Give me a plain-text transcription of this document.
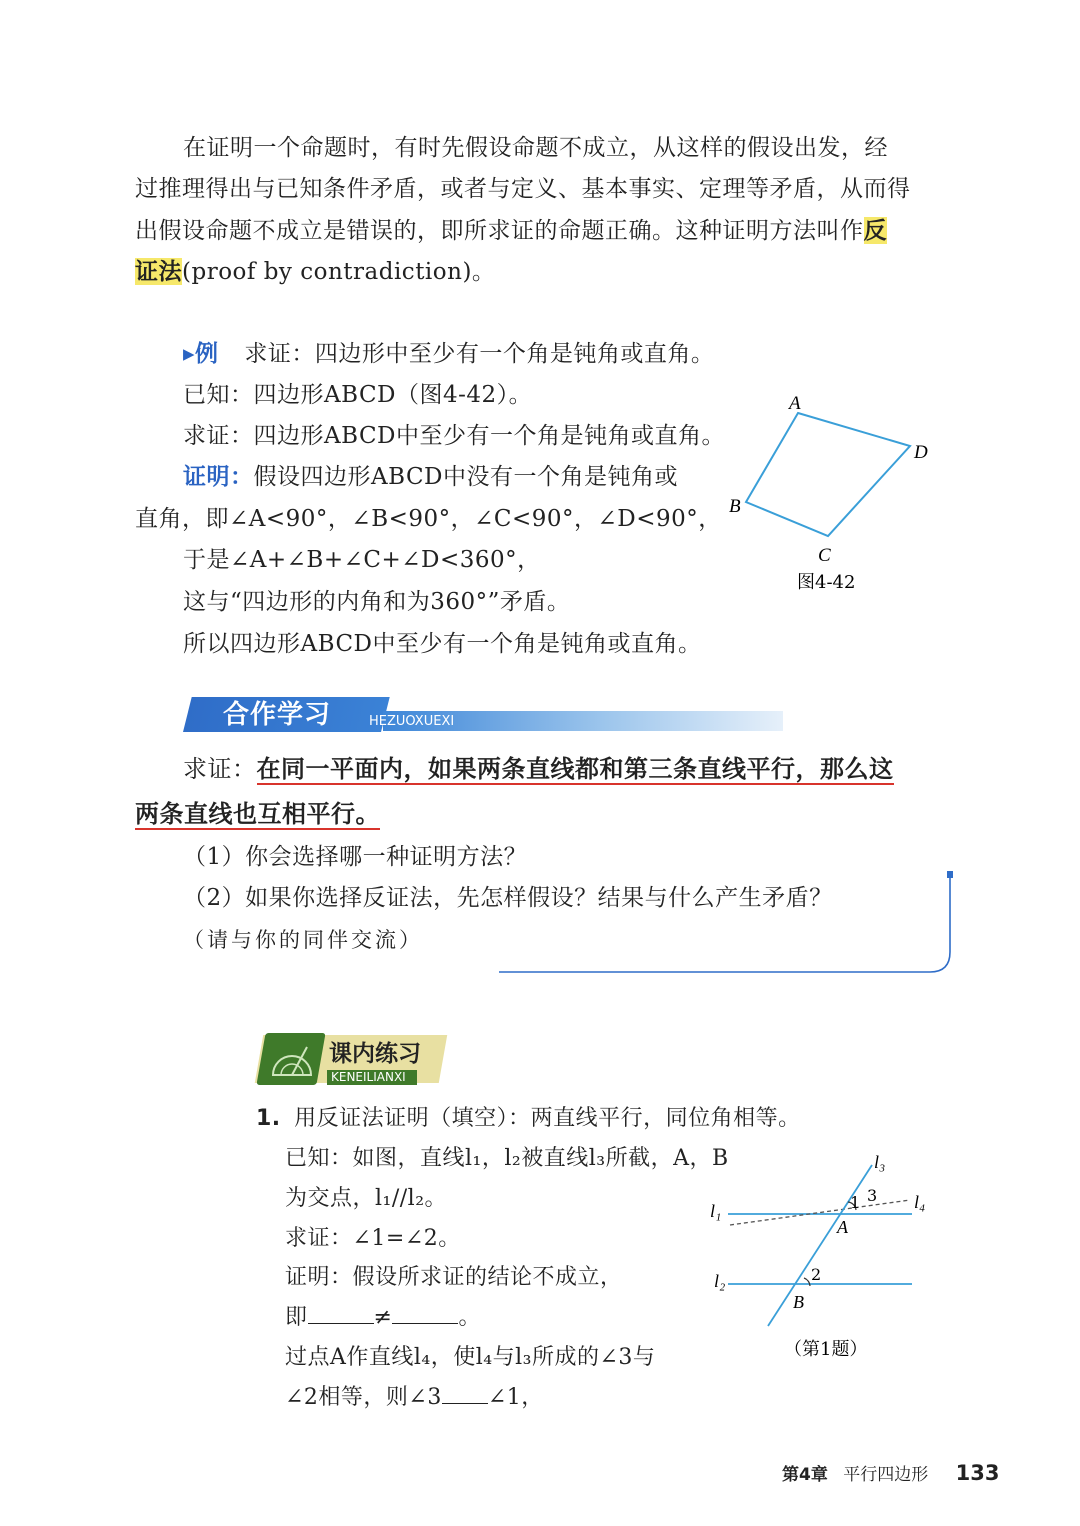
在证明一个命题时，有时先假设命题不成立，从这样的假设出发，经
过推理得出与已知条件矛盾，或者与定义、基本事实、定理等矛盾，从而得
出假设命题不成立是错误的，即所求证的命题正确。这种证明方法叫作反
证法(proof by contradiction)。
▸例 求证：四边形中至少有一个角是钝角或直角。
已知：四边形ABCD（图4-42）。
求证：四边形ABCD中至少有一个角是钝角或直角。
证明：假设四边形ABCD中没有一个角是钝角或
直角，即∠A<90°，∠B<90°，∠C<90°，∠D<90°，
于是∠A+∠B+∠C+∠D<360°，
这与“四边形的内角和为360°”矛盾。
所以四边形ABCD中至少有一个角是钝角或直角。
A
D
B
C
图4-42
合作学习	HEZUOXUEXI
求证：在同一平面内，如果两条直线都和第三条直线平行，那么这
两条直线也互相平行。
（1）你会选择哪一种证明方法？
（2）如果你选择反证法，先怎样假设？结果与什么产生矛盾？
（请与你的同伴交流）
课内练习
KENEILIANXI
1. 用反证法证明（填空）：两直线平行，同位角相等。
已知：如图，直线l₁，l₂被直线l₃所截，A，B
为交点，l₁//l₂。
求证：∠1=∠2。
证明：假设所求证的结论不成立，
即	≠	。
过点A作直线l₄，使l₄与l₃所成的∠3与
∠2相等，则∠3 ∠1，
l₁
l₂
l₃
l₄
A
B
1
2
3
（第1题）
第4章 平行四边形 133
